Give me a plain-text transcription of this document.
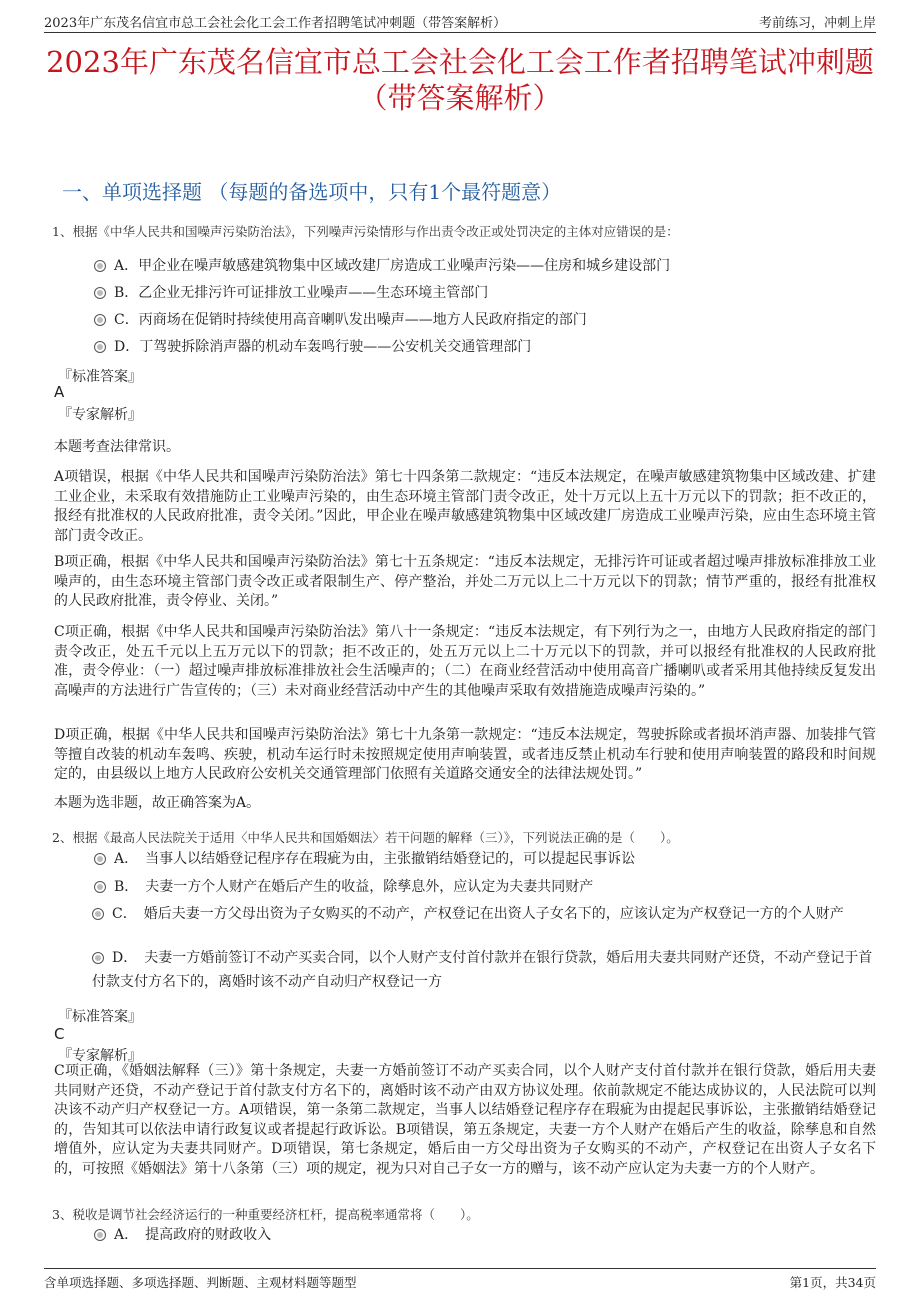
2023年广东茂名信宜市总工会社会化工会工作者招聘笔试冲刺题（带答案解析）	考前练习，冲刺上岸
2023年广东茂名信宜市总工会社会化工会工作者招聘笔试冲刺题（带答案解析）
一、单项选择题 （每题的备选项中，只有1个最符题意）
1、根据《中华人民共和国噪声污染防治法》，下列噪声污染情形与作出责令改正或处罚决定的主体对应错误的是：
A．甲企业在噪声敏感建筑物集中区域改建厂房造成工业噪声污染——住房和城乡建设部门
B．乙企业无排污许可证排放工业噪声——生态环境主管部门
C．丙商场在促销时持续使用高音喇叭发出噪声——地方人民政府指定的部门
D．丁驾驶拆除消声器的机动车轰鸣行驶——公安机关交通管理部门
『标准答案』
A
『专家解析』
本题考查法律常识。
A项错误，根据《中华人民共和国噪声污染防治法》第七十四条第二款规定：“违反本法规定，在噪声敏感建筑物集中区域改建、扩建工业企业，未采取有效措施防止工业噪声污染的，由生态环境主管部门责令改正，处十万元以上五十万元以下的罚款；拒不改正的，报经有批准权的人民政府批准，责令关闭。”因此，甲企业在噪声敏感建筑物集中区域改建厂房造成工业噪声污染，应由生态环境主管部门责令改正。
B项正确，根据《中华人民共和国噪声污染防治法》第七十五条规定：“违反本法规定，无排污许可证或者超过噪声排放标准排放工业噪声的，由生态环境主管部门责令改正或者限制生产、停产整治，并处二万元以上二十万元以下的罚款；情节严重的，报经有批准权的人民政府批准，责令停业、关闭。”
C项正确，根据《中华人民共和国噪声污染防治法》第八十一条规定：“违反本法规定，有下列行为之一，由地方人民政府指定的部门责令改正，处五千元以上五万元以下的罚款；拒不改正的，处五万元以上二十万元以下的罚款，并可以报经有批准权的人民政府批准，责令停业：（一）超过噪声排放标准排放社会生活噪声的；（二）在商业经营活动中使用高音广播喇叭或者采用其他持续反复发出高噪声的方法进行广告宣传的；（三）未对商业经营活动中产生的其他噪声采取有效措施造成噪声污染的。”
D项正确，根据《中华人民共和国噪声污染防治法》第七十九条第一款规定：“违反本法规定，驾驶拆除或者损坏消声器、加装排气管等擅自改装的机动车轰鸣、疾驶，机动车运行时未按照规定使用声响装置，或者违反禁止机动车行驶和使用声响装置的路段和时间规定的，由县级以上地方人民政府公安机关交通管理部门依照有关道路交通安全的法律法规处罚。”
本题为选非题，故正确答案为A。
2、根据《最高人民法院关于适用〈中华人民共和国婚姻法〉若干问题的解释（三）》，下列说法正确的是（　　）。
A．　当事人以结婚登记程序存在瑕疵为由，主张撤销结婚登记的，可以提起民事诉讼
B．　夫妻一方个人财产在婚后产生的收益，除孳息外，应认定为夫妻共同财产
C．　婚后夫妻一方父母出资为子女购买的不动产，产权登记在出资人子女名下的，应该认定为产权登记一方的个人财产
D．　夫妻一方婚前签订不动产买卖合同，以个人财产支付首付款并在银行贷款，婚后用夫妻共同财产还贷，不动产登记于首付款支付方名下的，离婚时该不动产自动归产权登记一方
『标准答案』
C
『专家解析』
C项正确，《婚姻法解释（三）》第十条规定，夫妻一方婚前签订不动产买卖合同，以个人财产支付首付款并在银行贷款，婚后用夫妻共同财产还贷，不动产登记于首付款支付方名下的，离婚时该不动产由双方协议处理。依前款规定不能达成协议的，人民法院可以判决该不动产归产权登记一方。A项错误，第一条第二款规定，当事人以结婚登记程序存在瑕疵为由提起民事诉讼，主张撤销结婚登记的，告知其可以依法申请行政复议或者提起行政诉讼。B项错误，第五条规定，夫妻一方个人财产在婚后产生的收益，除孳息和自然增值外，应认定为夫妻共同财产。D项错误，第七条规定，婚后由一方父母出资为子女购买的不动产，产权登记在出资人子女名下的，可按照《婚姻法》第十八条第（三）项的规定，视为只对自己子女一方的赠与，该不动产应认定为夫妻一方的个人财产。
3、税收是调节社会经济运行的一种重要经济杠杆，提高税率通常将（　　）。
A．　提高政府的财政收入
含单项选择题、多项选择题、判断题、主观材料题等题型	第1页，共34页
